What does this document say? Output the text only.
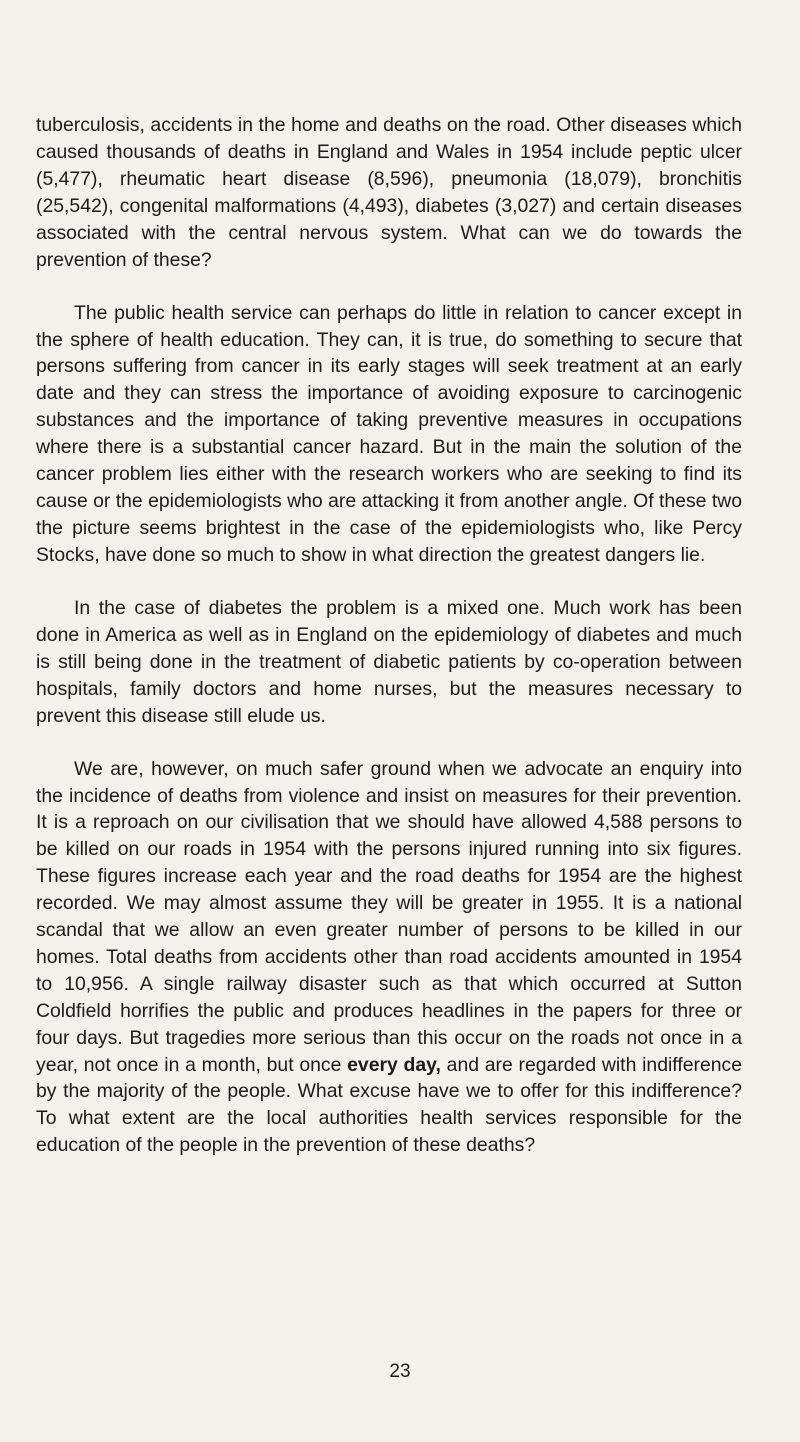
tuberculosis, accidents in the home and deaths on the road. Other diseases which caused thousands of deaths in England and Wales in 1954 include peptic ulcer (5,477), rheumatic heart disease (8,596), pneumonia (18,079), bronchitis (25,542), congenital malformations (4,493), diabetes (3,027) and certain diseases associated with the central nervous system. What can we do towards the prevention of these?

The public health service can perhaps do little in relation to cancer except in the sphere of health education. They can, it is true, do something to secure that persons suffering from cancer in its early stages will seek treatment at an early date and they can stress the importance of avoiding exposure to carcinogenic substances and the importance of taking preventive measures in occupations where there is a substantial cancer hazard. But in the main the solution of the cancer problem lies either with the research workers who are seeking to find its cause or the epidemiologists who are attacking it from another angle. Of these two the picture seems brightest in the case of the epidemiologists who, like Percy Stocks, have done so much to show in what direction the greatest dangers lie.

In the case of diabetes the problem is a mixed one. Much work has been done in America as well as in England on the epidemiology of diabetes and much is still being done in the treatment of diabetic patients by co-operation between hospitals, family doctors and home nurses, but the measures necessary to prevent this disease still elude us.

We are, however, on much safer ground when we advocate an enquiry into the incidence of deaths from violence and insist on measures for their prevention. It is a reproach on our civilisation that we should have allowed 4,588 persons to be killed on our roads in 1954 with the persons injured running into six figures. These figures increase each year and the road deaths for 1954 are the highest recorded. We may almost assume they will be greater in 1955. It is a national scandal that we allow an even greater number of persons to be killed in our homes. Total deaths from accidents other than road accidents amounted in 1954 to 10,956. A single railway disaster such as that which occurred at Sutton Coldfield horrifies the public and produces headlines in the papers for three or four days. But tragedies more serious than this occur on the roads not once in a year, not once in a month, but once every day, and are regarded with indifference by the majority of the people. What excuse have we to offer for this indifference? To what extent are the local authorities health services responsible for the education of the people in the prevention of these deaths?

23
